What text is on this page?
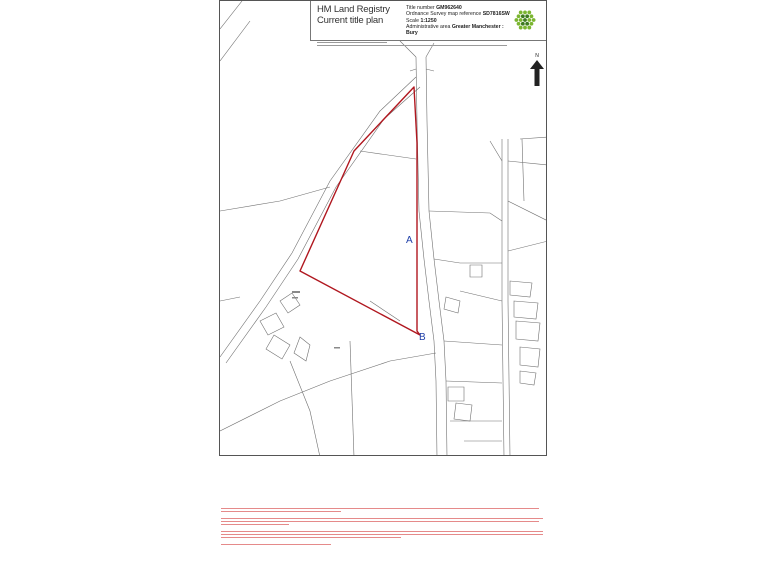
HM Land Registry
Current title plan
Title number GM962640
Ordnance Survey map reference SD7816SW
Scale 1:1250
Administrative area Greater Manchester :
Bury
N
A
B
